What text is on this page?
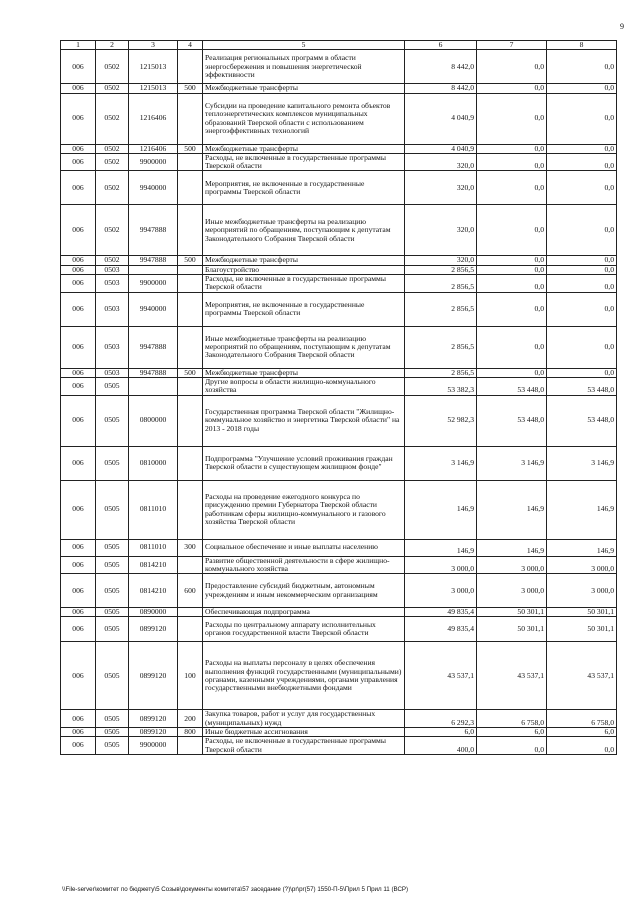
9
1	2	3	4	5	6	7	8
006	0502	1215013		Реализация региональных программ в области энергосбережения и повышения энергетической эффективности	8 442,0	0,0	0,0
006	0502	1215013	500	Межбюджетные трансферты	8 442,0	0,0	0,0
006	0502	1216406		Субсидии на проведение капитального ремонта объектов теплоэнергетических комплексов муниципальных образований Тверской области с использованием энергоэффективных технологий	4 040,9	0,0	0,0
006	0502	1216406	500	Межбюджетные трансферты	4 040,9	0,0	0,0
006	0502	9900000		Расходы, не включенные в государственные программы Тверской области	320,0	0,0	0,0
006	0502	9940000		Мероприятия, не включенные в государственные программы Тверской области	320,0	0,0	0,0
006	0502	9947888		Иные межбюджетные трансферты на реализацию мероприятий по обращениям, поступающим к депутатам Законодательного Собрания Тверской области	320,0	0,0	0,0
006	0502	9947888	500	Межбюджетные трансферты	320,0	0,0	0,0
006	0503			Благоустройство	2 856,5	0,0	0,0
006	0503	9900000		Расходы, не включенные в государственные программы Тверской области	2 856,5	0,0	0,0
006	0503	9940000		Мероприятия, не включенные в государственные программы Тверской области	2 856,5	0,0	0,0
006	0503	9947888		Иные межбюджетные трансферты на реализацию мероприятий по обращениям, поступающим к депутатам Законодательного Собрания Тверской области	2 856,5	0,0	0,0
006	0503	9947888	500	Межбюджетные трансферты	2 856,5	0,0	0,0
006	0505			Другие вопросы в области жилищно-коммунального хозяйства	53 382,3	53 448,0	53 448,0
006	0505	0800000		Государственная программа Тверской области "Жилищно-коммунальное хозяйство и энергетика Тверской области" на 2013 - 2018 годы	52 982,3	53 448,0	53 448,0
006	0505	0810000		Подпрограмма "Улучшение условий проживания граждан Тверской области в существующем жилищном фонде"	3 146,9	3 146,9	3 146,9
006	0505	0811010		Расходы на проведение ежегодного конкурса по присуждению премии Губернатора Тверской области работникам сферы жилищно-коммунального и газового хозяйства Тверской области	146,9	146,9	146,9
006	0505	0811010	300	Социальное обеспечение и иные выплаты населению	146,9	146,9	146,9
006	0505	0814210		Развитие общественной деятельности в сфере жилищно-коммунального хозяйства	3 000,0	3 000,0	3 000,0
006	0505	0814210	600	Предоставление субсидий бюджетным, автономным учреждениям и иным некоммерческим организациям	3 000,0	3 000,0	3 000,0
006	0505	0890000		Обеспечивающая подпрограмма	49 835,4	50 301,1	50 301,1
006	0505	0899120		Расходы по центральному аппарату исполнительных органов государственной власти Тверской области	49 835,4	50 301,1	50 301,1
006	0505	0899120	100	Расходы на выплаты персоналу в целях обеспечения выполнения функций государственными (муниципальными) органами, казенными учреждениями, органами управления государственными внебюджетными фондами	43 537,1	43 537,1	43 537,1
006	0505	0899120	200	Закупка товаров, работ и услуг для государственных (муниципальных) нужд	6 292,3	6 758,0	6 758,0
006	0505	0899120	800	Иные бюджетные ассигнования	6,0	6,0	6,0
006	0505	9900000		Расходы, не включенные в государственные программы Тверской области	400,0	0,0	0,0
\\File-server\комитет по бюджету\5 Созыв\документы комитета\57 заседание (?)\pr\pr(57) 1550-П-5\Прил 5 Прил 11 (ВСР)
